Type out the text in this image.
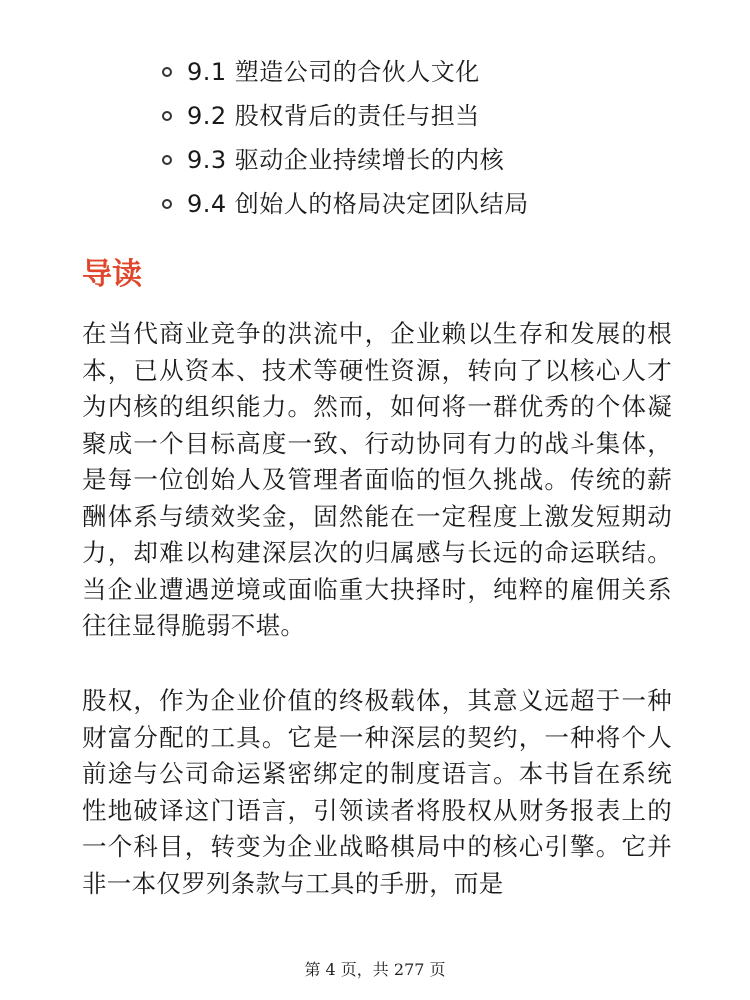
9.1 塑造公司的合伙人文化
9.2 股权背后的责任与担当
9.3 驱动企业持续增长的内核
9.4 创始人的格局决定团队结局
导读

在当代商业竞争的洪流中，企业赖以生存和发展的根本，已从资本、技术等硬性资源，转向了以核心人才为内核的组织能力。然而，如何将一群优秀的个体凝聚成一个目标高度一致、行动协同有力的战斗集体，是每一位创始人及管理者面临的恒久挑战。传统的薪酬体系与绩效奖金，固然能在一定程度上激发短期动力，却难以构建深层次的归属感与长远的命运联结。当企业遭遇逆境或面临重大抉择时，纯粹的雇佣关系往往显得脆弱不堪。

股权，作为企业价值的终极载体，其意义远超于一种财富分配的工具。它是一种深层的契约，一种将个人前途与公司命运紧密绑定的制度语言。本书旨在系统性地破译这门语言，引领读者将股权从财务报表上的一个科目，转变为企业战略棋局中的核心引擎。它并非一本仅罗列条款与工具的手册，而是

第 4 页，共 277 页
